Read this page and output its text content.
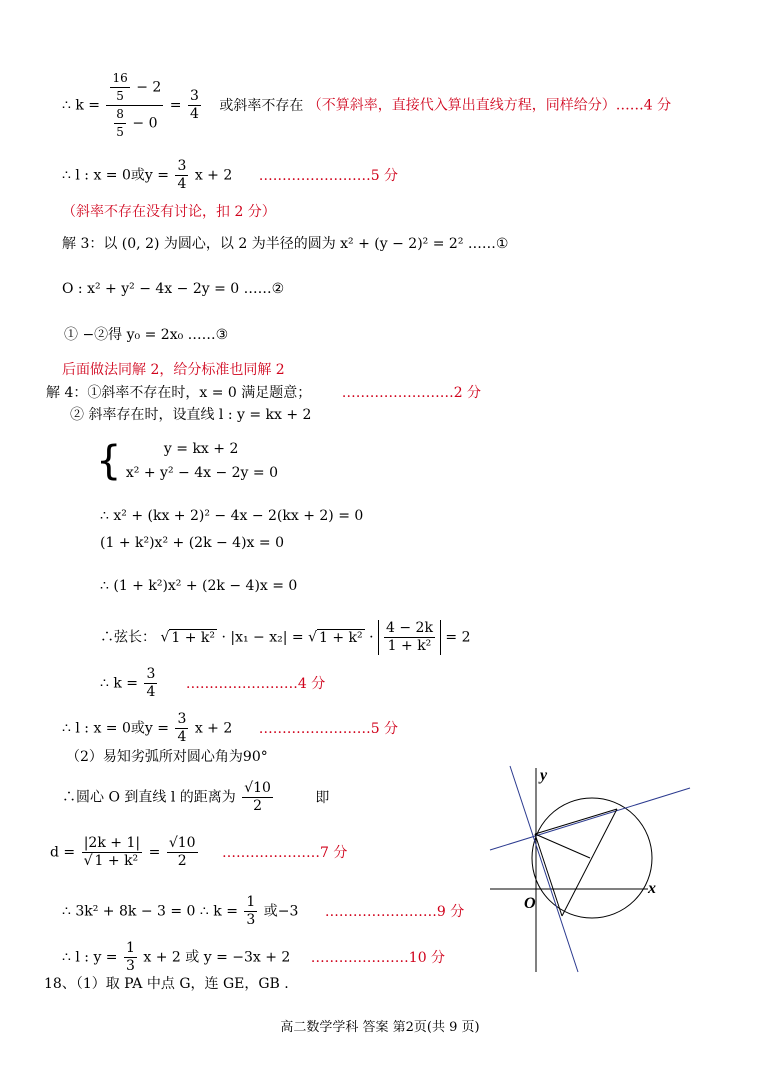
∴ $k = \frac{\frac{16}{5} - 2}{\frac{8}{5} - 0} = \frac{3}{4}$ 或斜率不存在 （不算斜率，直接代入算出直线方程，同样给分）……4 分
∴ l : x = 0或$y = \frac{3}{4}$ x + 2 ……………………5 分
（斜率不存在没有讨论，扣 2 分）
解 3：以 (0, 2) 为圆心，以 2 为半径的圆为 x² + (y − 2)² = 2² ……①
O : x² + y² − 4x − 2y = 0 ……②
① −②得 y₀ = 2x₀ ……③
后面做法同解 2，给分标准也同解 2
解 4：①斜率不存在时，x = 0 满足题意； ……………………2 分
② 斜率存在时，设直线 l : y = kx + 2
{	y = kx + 2
x² + y² − 4x − 2y = 0
∴ x² + (kx + 2)² − 4x − 2(kx + 2) = 0
(1 + k²)x² + (2k − 4)x = 0
∴ (1 + k²)x² + (2k − 4)x = 0
∴弦长： √ 1 + k² · |x₁ − x₂| = √ $1 + k^2 \cdot \frac{4 - 2k}{\text{1 + k²}} = 2$
∴ $k = \frac{3}{4}$ ……………………4 分
∴ l : x = 0或$y = \frac{3}{4}$ x + 2 ……………………5 分
（2）易知劣弧所对圆心角为90°
∴圆心 O 到直线 l 的距离为 $\frac{√10}{2}$	即
$d = \frac{|2k + 1|}{\text{√ 1 + k²}} = \frac{√10}{2}$ …………………7 分
∴ 3k² + 8k − 3 = 0 ∴ $k = \frac{1}{3}$ 或−3 ……………………9 分
∴ l : $y = \frac{1}{3}$ x + 2 或 y = −3x + 2 …………………10 分
18、（1）取 PA 中点 G，连 GE，GB .
y
x
O
高二数学学科 答案 第2页(共 9 页)
